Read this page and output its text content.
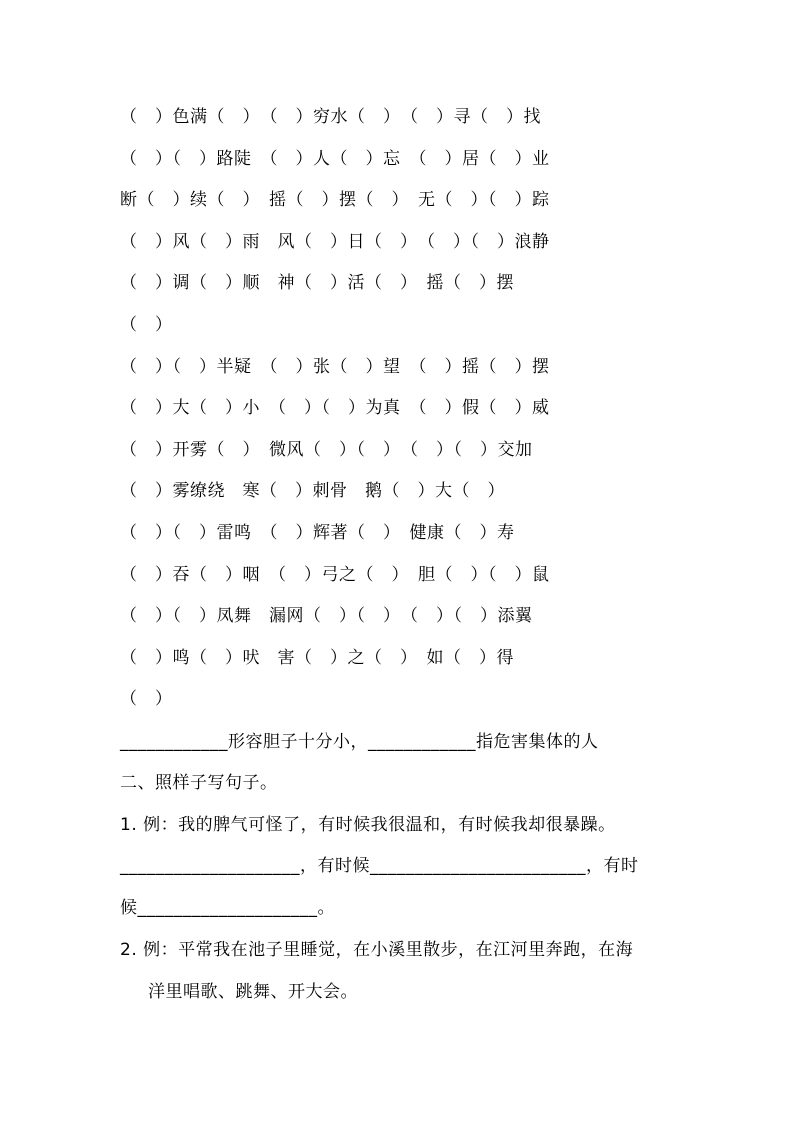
（　）色满（　）　（　）穷水（　）　（　）寻（　）找
（　）（　）路陡　（　）人（　）忘　（　）居（　）业
断（　）续（　）　摇（　）摆（　）　无（　）（　）踪
（　）风（　）雨　风（　）日（　）　（　）（　）浪静
（　）调（　）顺　神（　）活（　）　摇（　）摆
（　）
（　）（　）半疑　（　）张（　）望　（　）摇（　）摆
（　）大（　）小　（　）（　）为真　（　）假（　）威
（　）开雾（　）　微风（　）（　）　（　）（　）交加
（　）雾缭绕　寒（　）刺骨　鹅（　）大（　）
（　）（　）雷鸣　（　）辉著（　）　健康（　）寿
（　）吞（　）咽　（　）弓之（　）　胆（　）（　）鼠
（　）（　）凤舞　漏网（　）（　）　（　）（　）添翼
（　）鸣（　）吠　害（　）之（　）　如（　）得
（　）
____________形容胆子十分小，____________指危害集体的人
二、照样子写句子。
1. 例：我的脾气可怪了，有时候我很温和，有时候我却很暴躁。
____________________，有时候________________________，有时
候____________________。
2. 例：平常我在池子里睡觉，在小溪里散步，在江河里奔跑，在海
洋里唱歌、跳舞、开大会。
